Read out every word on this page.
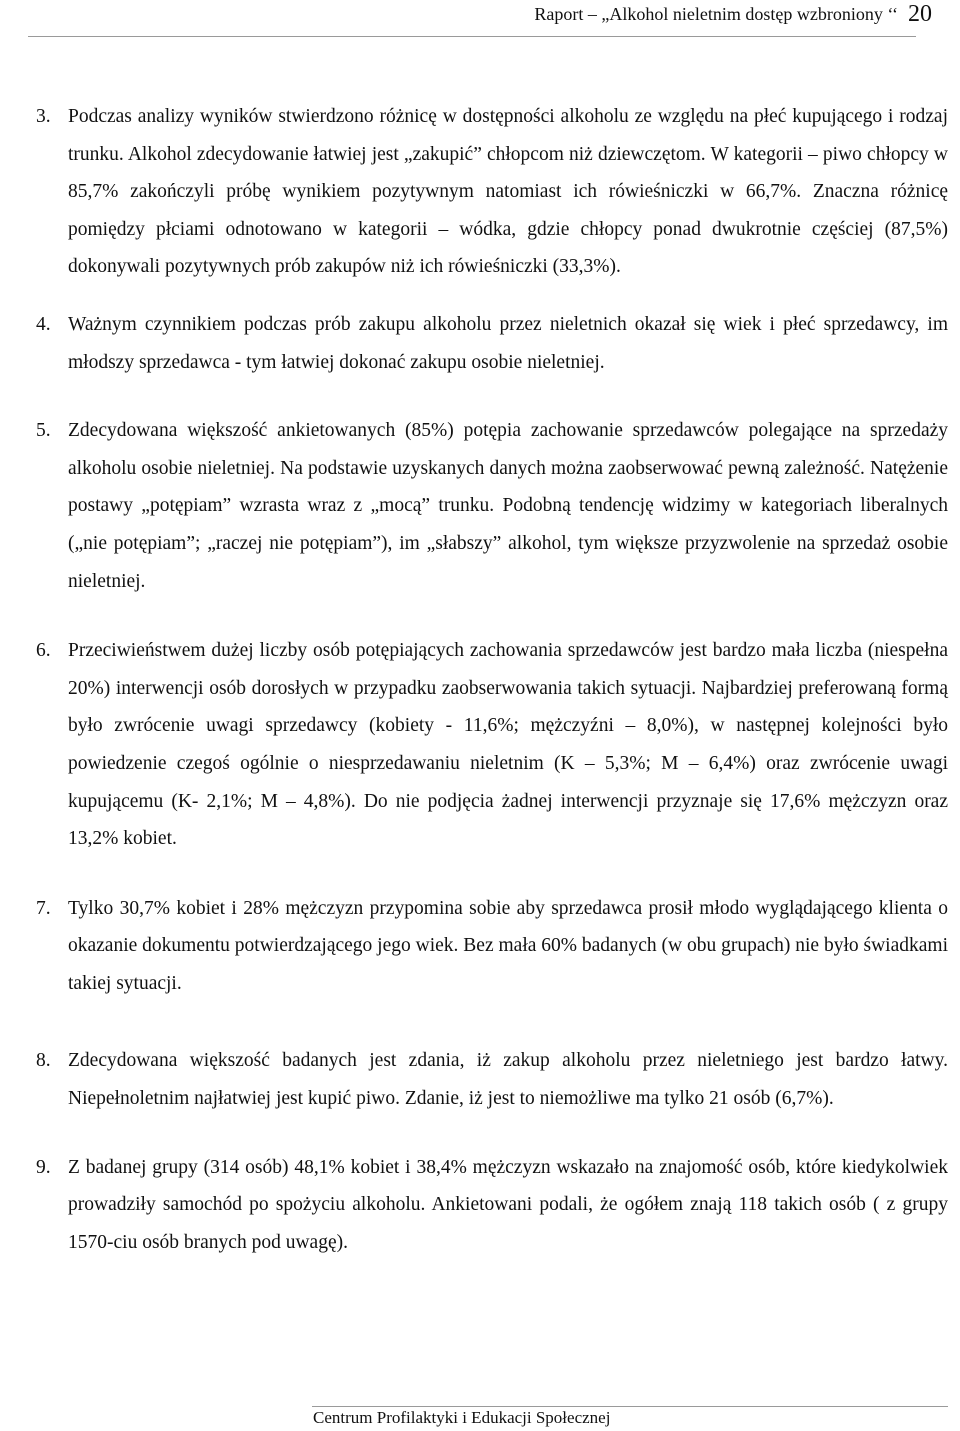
Raport – „Alkohol nieletnim dostęp wzbroniony ‘‘ 20
3. Podczas analizy wyników stwierdzono różnicę w dostępności alkoholu ze względu na płeć kupującego i rodzaj trunku. Alkohol zdecydowanie łatwiej jest „zakupić” chłopcom niż dziewczętom. W kategorii – piwo chłopcy w 85,7% zakończyli próbę wynikiem pozytywnym natomiast ich rówieśniczki w 66,7%. Znaczna różnicę pomiędzy płciami odnotowano w kategorii – wódka, gdzie chłopcy ponad dwukrotnie częściej (87,5%) dokonywali pozytywnych prób zakupów niż ich rówieśniczki (33,3%).
4. Ważnym czynnikiem podczas prób zakupu alkoholu przez nieletnich okazał się wiek i płeć sprzedawcy, im młodszy sprzedawca - tym łatwiej dokonać zakupu osobie nieletniej.
5. Zdecydowana większość ankietowanych (85%) potępia zachowanie sprzedawców polegające na sprzedaży alkoholu osobie nieletniej. Na podstawie uzyskanych danych można zaobserwować pewną zależność. Natężenie postawy „potępiam” wzrasta wraz z „mocą” trunku. Podobną tendencję widzimy w kategoriach liberalnych („nie potępiam”; „raczej nie potępiam”), im „słabszy” alkohol, tym większe przyzwolenie na sprzedaż osobie nieletniej.
6. Przeciwieństwem dużej liczby osób potępiających zachowania sprzedawców jest bardzo mała liczba (niespełna 20%) interwencji osób dorosłych w przypadku zaobserwowania takich sytuacji. Najbardziej preferowaną formą było zwrócenie uwagi sprzedawcy (kobiety - 11,6%; mężczyźni – 8,0%), w następnej kolejności było powiedzenie czegoś ogólnie o niesprzedawaniu nieletnim (K – 5,3%; M – 6,4%) oraz zwrócenie uwagi kupującemu (K- 2,1%; M – 4,8%). Do nie podjęcia żadnej interwencji przyznaje się 17,6% mężczyzn oraz 13,2% kobiet.
7. Tylko 30,7% kobiet i 28% mężczyzn przypomina sobie aby sprzedawca prosił młodo wyglądającego klienta o okazanie dokumentu potwierdzającego jego wiek. Bez mała 60% badanych (w obu grupach) nie było świadkami takiej sytuacji.
8. Zdecydowana większość badanych jest zdania, iż zakup alkoholu przez nieletniego jest bardzo łatwy. Niepełnoletnim najłatwiej jest kupić piwo. Zdanie, iż jest to niemożliwe ma tylko 21 osób (6,7%).
9. Z badanej grupy (314 osób) 48,1% kobiet i 38,4% mężczyzn wskazało na znajomość osób, które kiedykolwiek prowadziły samochód po spożyciu alkoholu. Ankietowani podali, że ogółem znają 118 takich osób ( z grupy 1570-ciu osób branych pod uwagę).
Centrum Profilaktyki i Edukacji Społecznej
